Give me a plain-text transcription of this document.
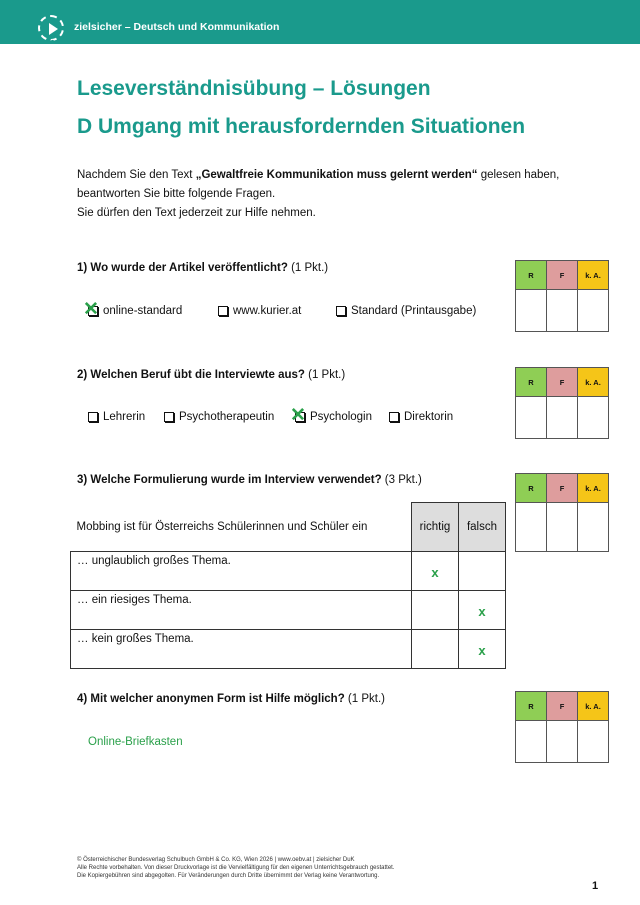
zielsicher – Deutsch und Kommunikation
Leseverständnisübung – Lösungen
D Umgang mit herausfordernden Situationen
Nachdem Sie den Text „Gewaltfreie Kommunikation muss gelernt werden“ gelesen haben,
beantworten Sie bitte folgende Fragen.
Sie dürfen den Text jederzeit zur Hilfe nehmen.
1) Wo wurde der Artikel veröffentlicht? (1 Pkt.)
✕ online-standard	www.kurier.at	Standard (Printausgabe)
R	F	k. A.

2) Welchen Beruf übt die Interviewte aus? (1 Pkt.)
Lehrerin	Psychotherapeutin ✕ Psychologin	Direktorin
R	F	k. A.

3) Welche Formulierung wurde im Interview verwendet? (3 Pkt.)
Mobbing ist für Österreichs Schülerinnen und Schüler ein	richtig	falsch
… unglaublich großes Thema.	x	
… ein riesiges Thema.		x
… kein großes Thema.		x
R	F	k. A.

4) Mit welcher anonymen Form ist Hilfe möglich? (1 Pkt.)
Online-Briefkasten
R	F	k. A.

© Österreichischer Bundesverlag Schulbuch GmbH & Co. KG, Wien 2026 | www.oebv.at | zielsicher DuK
Alle Rechte vorbehalten. Von dieser Druckvorlage ist die Vervielfältigung für den eigenen Unterrichtsgebrauch gestattet.
Die Kopiergebühren sind abgegolten. Für Veränderungen durch Dritte übernimmt der Verlag keine Verantwortung.
1
